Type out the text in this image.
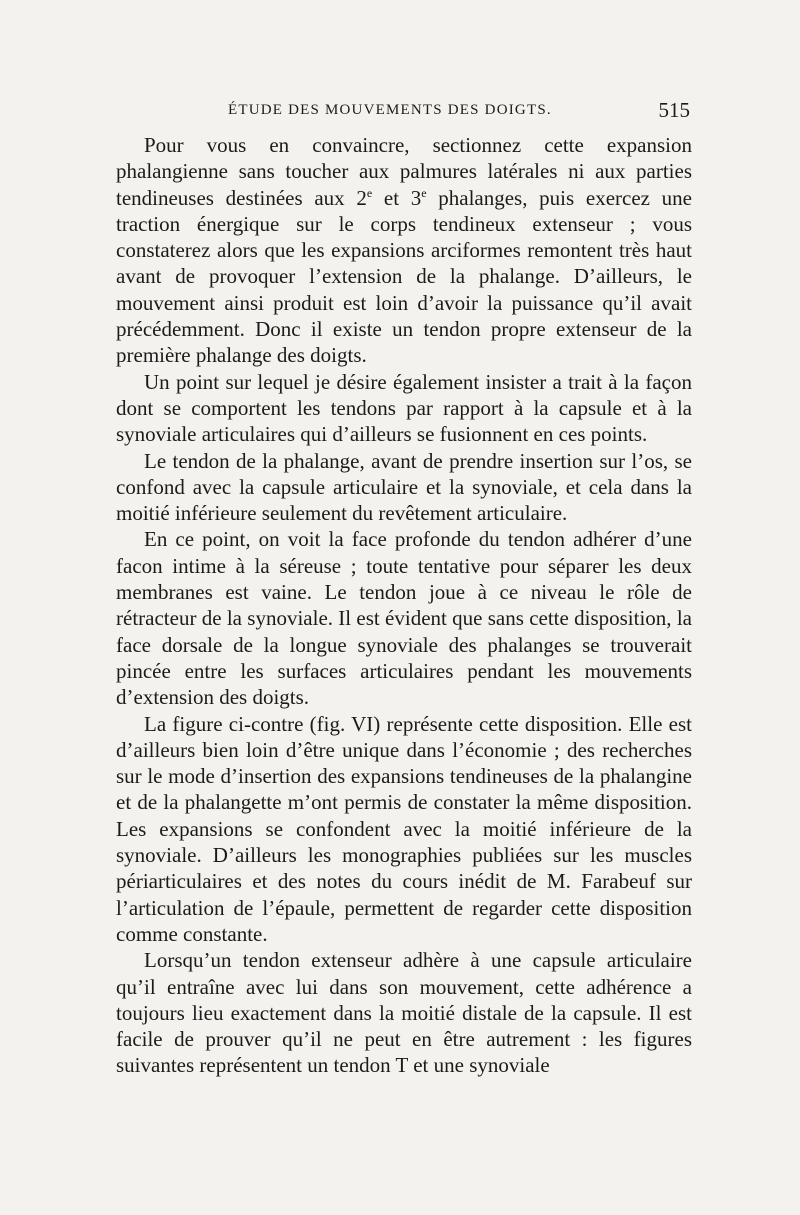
ÉTUDE DES MOUVEMENTS DES DOIGTS.	515

Pour vous en convaincre, sectionnez cette expansion phalangienne sans toucher aux palmures latérales ni aux parties tendineuses destinées aux 2e et 3e phalanges, puis exercez une traction énergique sur le corps tendineux extenseur ; vous constaterez alors que les expansions arciformes remontent très haut avant de provoquer l’extension de la phalange. D’ailleurs, le mouvement ainsi produit est loin d’avoir la puissance qu’il avait précédemment. Donc il existe un tendon propre extenseur de la première phalange des doigts.

Un point sur lequel je désire également insister a trait à la façon dont se comportent les tendons par rapport à la capsule et à la synoviale articulaires qui d’ailleurs se fusionnent en ces points.

Le tendon de la phalange, avant de prendre insertion sur l’os, se confond avec la capsule articulaire et la synoviale, et cela dans la moitié inférieure seulement du revêtement articulaire.

En ce point, on voit la face profonde du tendon adhérer d’une facon intime à la séreuse ; toute tentative pour séparer les deux membranes est vaine. Le tendon joue à ce niveau le rôle de rétracteur de la synoviale. Il est évident que sans cette disposition, la face dorsale de la longue synoviale des phalanges se trouverait pincée entre les surfaces articulaires pendant les mouvements d’extension des doigts.

La figure ci-contre (fig. VI) représente cette disposition. Elle est d’ailleurs bien loin d’être unique dans l’économie ; des recherches sur le mode d’insertion des expansions tendineuses de la phalangine et de la phalangette m’ont permis de constater la même disposition. Les expansions se confondent avec la moitié inférieure de la synoviale. D’ailleurs les monographies publiées sur les muscles périarticulaires et des notes du cours inédit de M. Farabeuf sur l’articulation de l’épaule, permettent de regarder cette disposition comme constante.

Lorsqu’un tendon extenseur adhère à une capsule articulaire qu’il entraîne avec lui dans son mouvement, cette adhérence a toujours lieu exactement dans la moitié distale de la capsule. Il est facile de prouver qu’il ne peut en être autrement : les figures suivantes représentent un tendon T et une synoviale
